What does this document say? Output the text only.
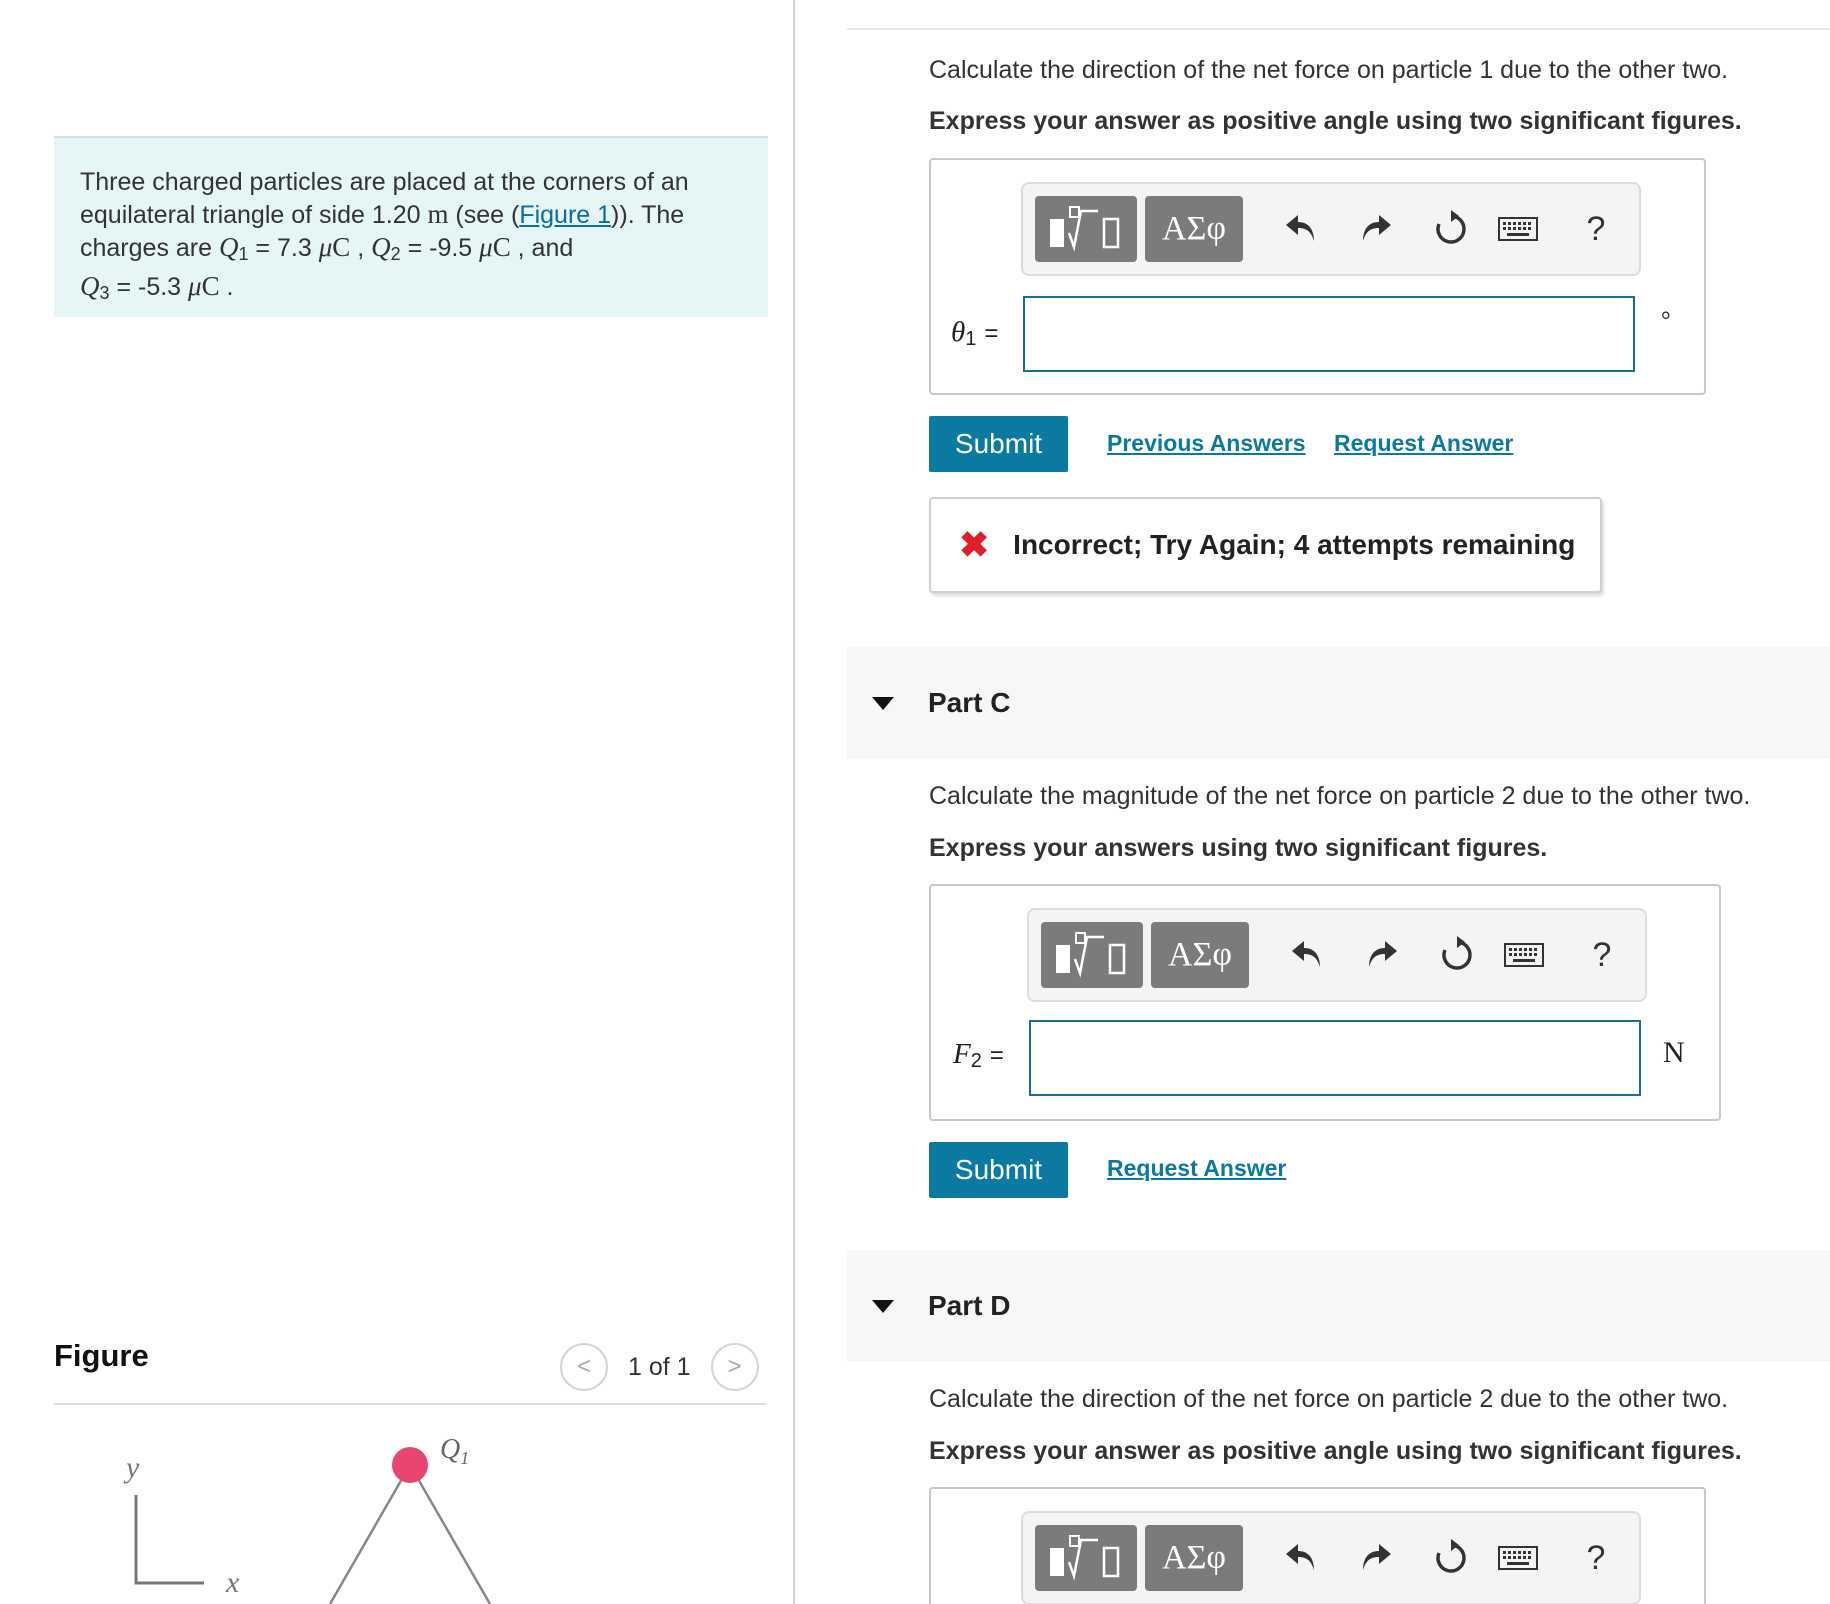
Three charged particles are placed at the corners of an equilateral triangle of side 1.20 m (see (Figure 1)). The charges are $Q_1 = 7.3$ μC , $Q_2 = -9.5$ μC , and
$Q_3 = -5.3$ μC .
Figure	< 1 of 1 >
y
x
$Q_1$
Calculate the direction of the net force on particle 1 due to the other two.
Express your answer as positive angle using two significant figures.
ΑΣφ	?
$\theta_1$ =	°
Submit	Previous Answers Request Answer
✖ Incorrect; Try Again; 4 attempts remaining
Part C
Calculate the magnitude of the net force on particle 2 due to the other two.
Express your answers using two significant figures.
ΑΣφ	?
$F_2$ =	N
Submit	Request Answer
Part D
Calculate the direction of the net force on particle 2 due to the other two.
Express your answer as positive angle using two significant figures.
ΑΣφ	?
